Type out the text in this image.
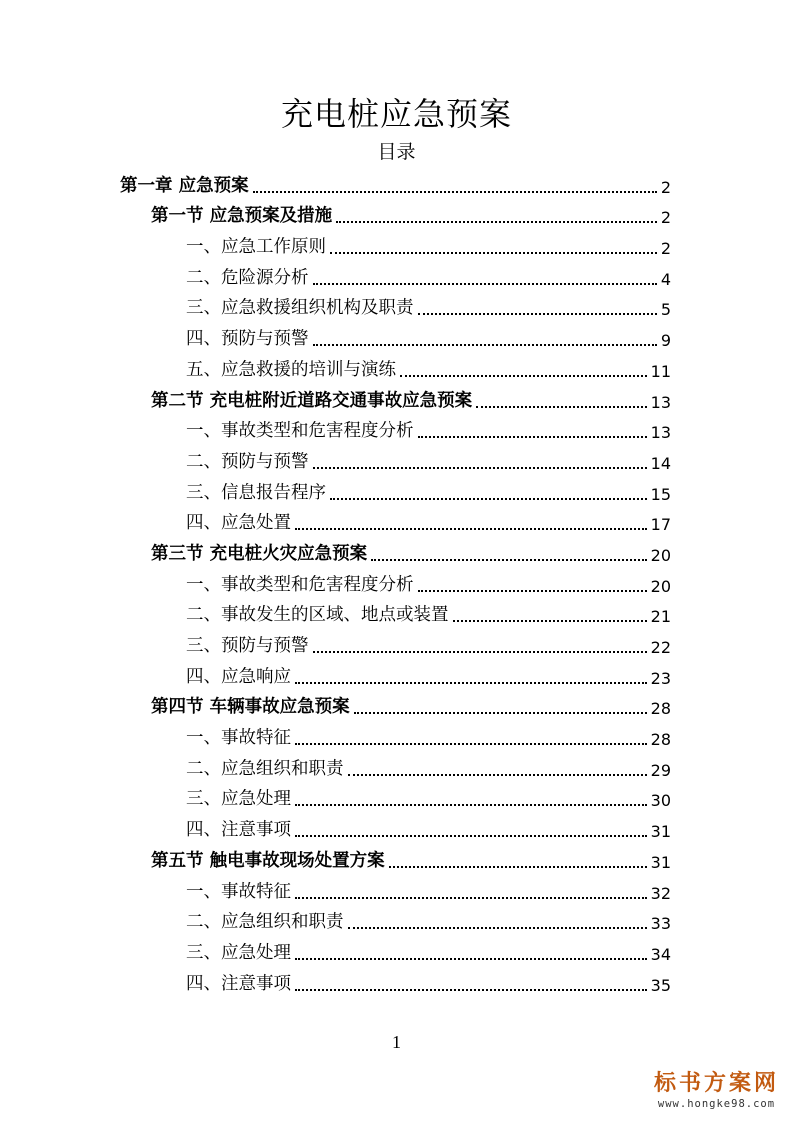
充电桩应急预案
目录
第一章 应急预案	2
第一节 应急预案及措施	2
一、应急工作原则	2
二、危险源分析	4
三、应急救援组织机构及职责	5
四、预防与预警	9
五、应急救援的培训与演练	11
第二节 充电桩附近道路交通事故应急预案	13
一、事故类型和危害程度分析	13
二、预防与预警	14
三、信息报告程序	15
四、应急处置	17
第三节 充电桩火灾应急预案	20
一、事故类型和危害程度分析	20
二、事故发生的区域、地点或装置	21
三、预防与预警	22
四、应急响应	23
第四节 车辆事故应急预案	28
一、事故特征	28
二、应急组织和职责	29
三、应急处理	30
四、注意事项	31
第五节 触电事故现场处置方案	31
一、事故特征	32
二、应急组织和职责	33
三、应急处理	34
四、注意事项	35
1
标书方案网
www.hongke98.com
